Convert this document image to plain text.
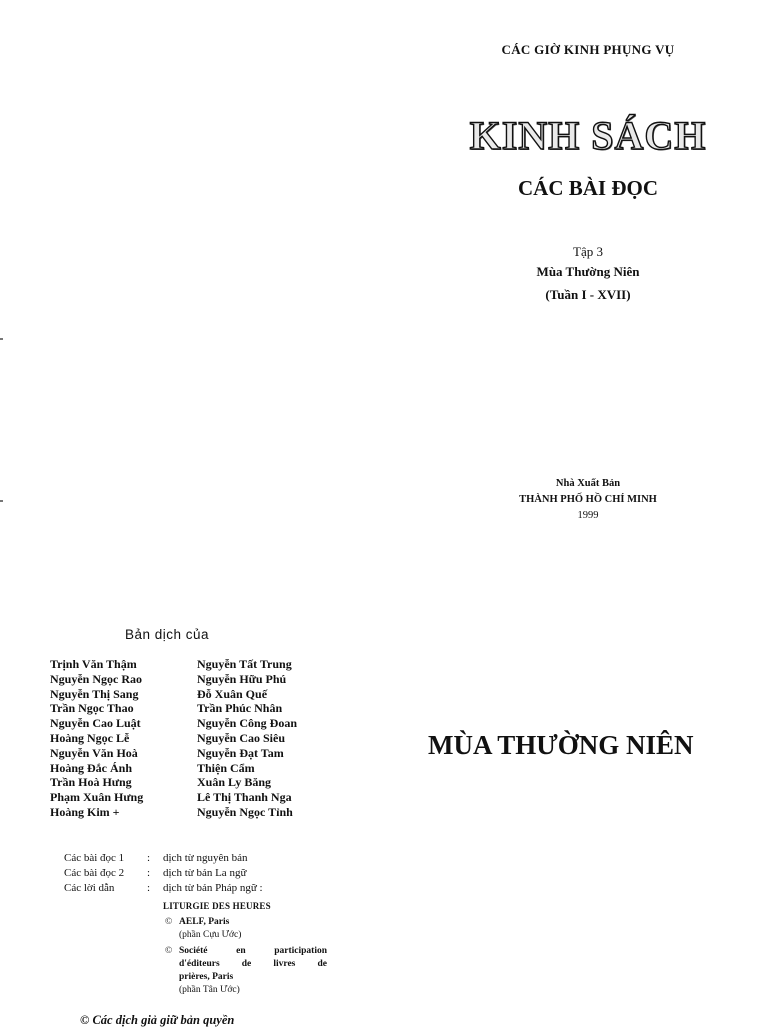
CÁC GIỜ KINH PHỤNG VỤ
KINH SÁCH
CÁC BÀI ĐỌC
Tập 3
Mùa Thường Niên
(Tuần I - XVII)
Nhà Xuất Bản
THÀNH PHỐ HỒ CHÍ MINH
1999
MÙA THƯỜNG NIÊN
Bản dịch của
Trịnh Văn Thậm
Nguyễn Ngọc Rao
Nguyễn Thị Sang
Trần Ngọc Thao
Nguyễn Cao Luật
Hoàng Ngọc Lễ
Nguyễn Văn Hoà
Hoàng Đắc Ánh
Trần Hoà Hưng
Phạm Xuân Hưng
Hoàng Kim +
Nguyễn Tất Trung
Nguyễn Hữu Phú
Đỗ Xuân Quế
Trần Phúc Nhân
Nguyễn Công Đoan
Nguyễn Cao Siêu
Nguyễn Đạt Tam
Thiện Cẩm
Xuân Ly Băng
Lê Thị Thanh Nga
Nguyễn Ngọc Tỉnh
Các bài đọc 1 : dịch từ nguyên bản
Các bài đọc 2 : dịch từ bản La ngữ
Các lời dẫn	: dịch từ bản Pháp ngữ :
LITURGIE DES HEURES
© AELF, Paris
(phần Cựu Ước)
© Société en participation
d'éditeurs de livres de
prières, Paris
(phần Tân Ước)
© Các dịch giả giữ bản quyền
